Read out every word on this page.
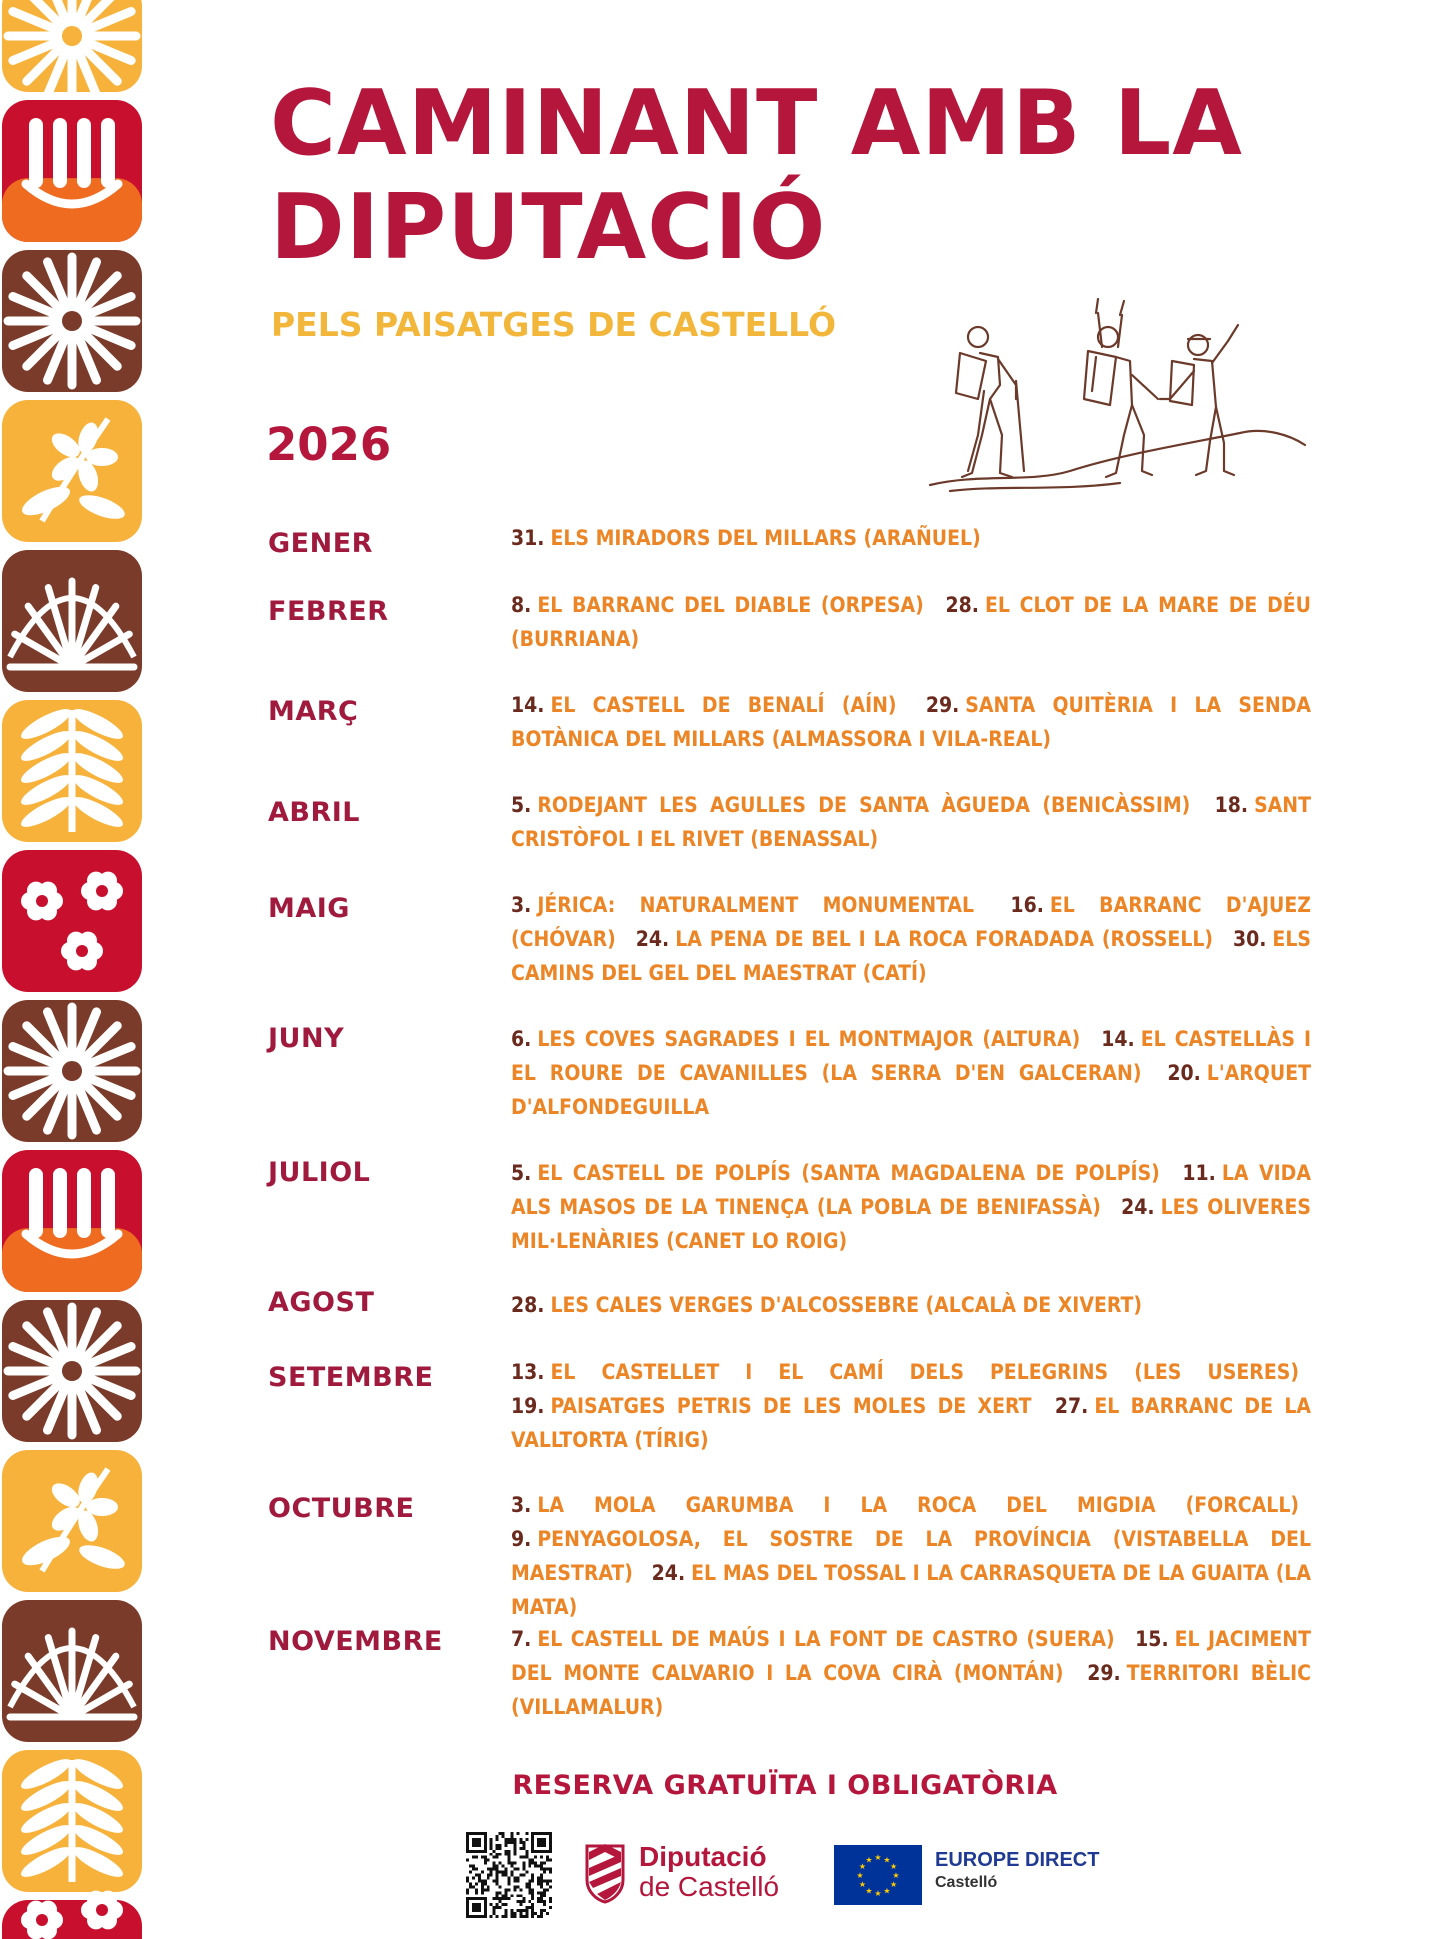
CAMINANT AMB LA DIPUTACIÓ
PELS PAISATGES DE CASTELLÓ
2026
GENER	31. ELS MIRADORS DEL MILLARS (ARAÑUEL)
FEBRER	8. EL BARRANC DEL DIABLE (ORPESA) 28. EL CLOT DE LA MARE DE DÉU (BURRIANA)
MARÇ	14. EL CASTELL DE BENALÍ (AÍN) 29. SANTA QUITÈRIA I LA SENDA BOTÀNICA DEL MILLARS (ALMASSORA I VILA-REAL)
ABRIL	5. RODEJANT LES AGULLES DE SANTA ÀGUEDA (BENICÀSSIM) 18. SANT CRISTÒFOL I EL RIVET (BENASSAL)
MAIG	3. JÉRICA: NATURALMENT MONUMENTAL 16. EL BARRANC D'AJUEZ (CHÓVAR) 24. LA PENA DE BEL I LA ROCA FORADADA (ROSSELL) 30. ELS CAMINS DEL GEL DEL MAESTRAT (CATÍ)
JUNY	6. LES COVES SAGRADES I EL MONTMAJOR (ALTURA) 14. EL CASTELLÀS I EL ROURE DE CAVANILLES (LA SERRA D'EN GALCERAN) 20. L'ARQUET D'ALFONDEGUILLA
JULIOL	5. EL CASTELL DE POLPÍS (SANTA MAGDALENA DE POLPÍS) 11. LA VIDA ALS MASOS DE LA TINENÇA (LA POBLA DE BENIFASSÀ) 24. LES OLIVERES MIL·LENÀRIES (CANET LO ROIG)
AGOST	28. LES CALES VERGES D'ALCOSSEBRE (ALCALÀ DE XIVERT)
SETEMBRE	13. EL CASTELLET I EL CAMÍ DELS PELEGRINS (LES USERES) 19. PAISATGES PETRIS DE LES MOLES DE XERT 27. EL BARRANC DE LA VALLTORTA (TÍRIG)
OCTUBRE	3. LA MOLA GARUMBA I LA ROCA DEL MIGDIA (FORCALL) 9. PENYAGOLOSA, EL SOSTRE DE LA PROVÍNCIA (VISTABELLA DEL MAESTRAT) 24. EL MAS DEL TOSSAL I LA CARRASQUETA DE LA GUAITA (LA MATA)
NOVEMBRE	7. EL CASTELL DE MAÚS I LA FONT DE CASTRO (SUERA) 15. EL JACIMENT DEL MONTE CALVARIO I LA COVA CIRÀ (MONTÁN) 29. TERRITORI BÈLIC (VILLAMALUR)
RESERVA GRATUÏTA I OBLIGATÒRIA
Diputació
de Castelló	★
★
★
★
★
★
★
★
★ ★ ★
★ EUROPE DIRECT
Castelló
